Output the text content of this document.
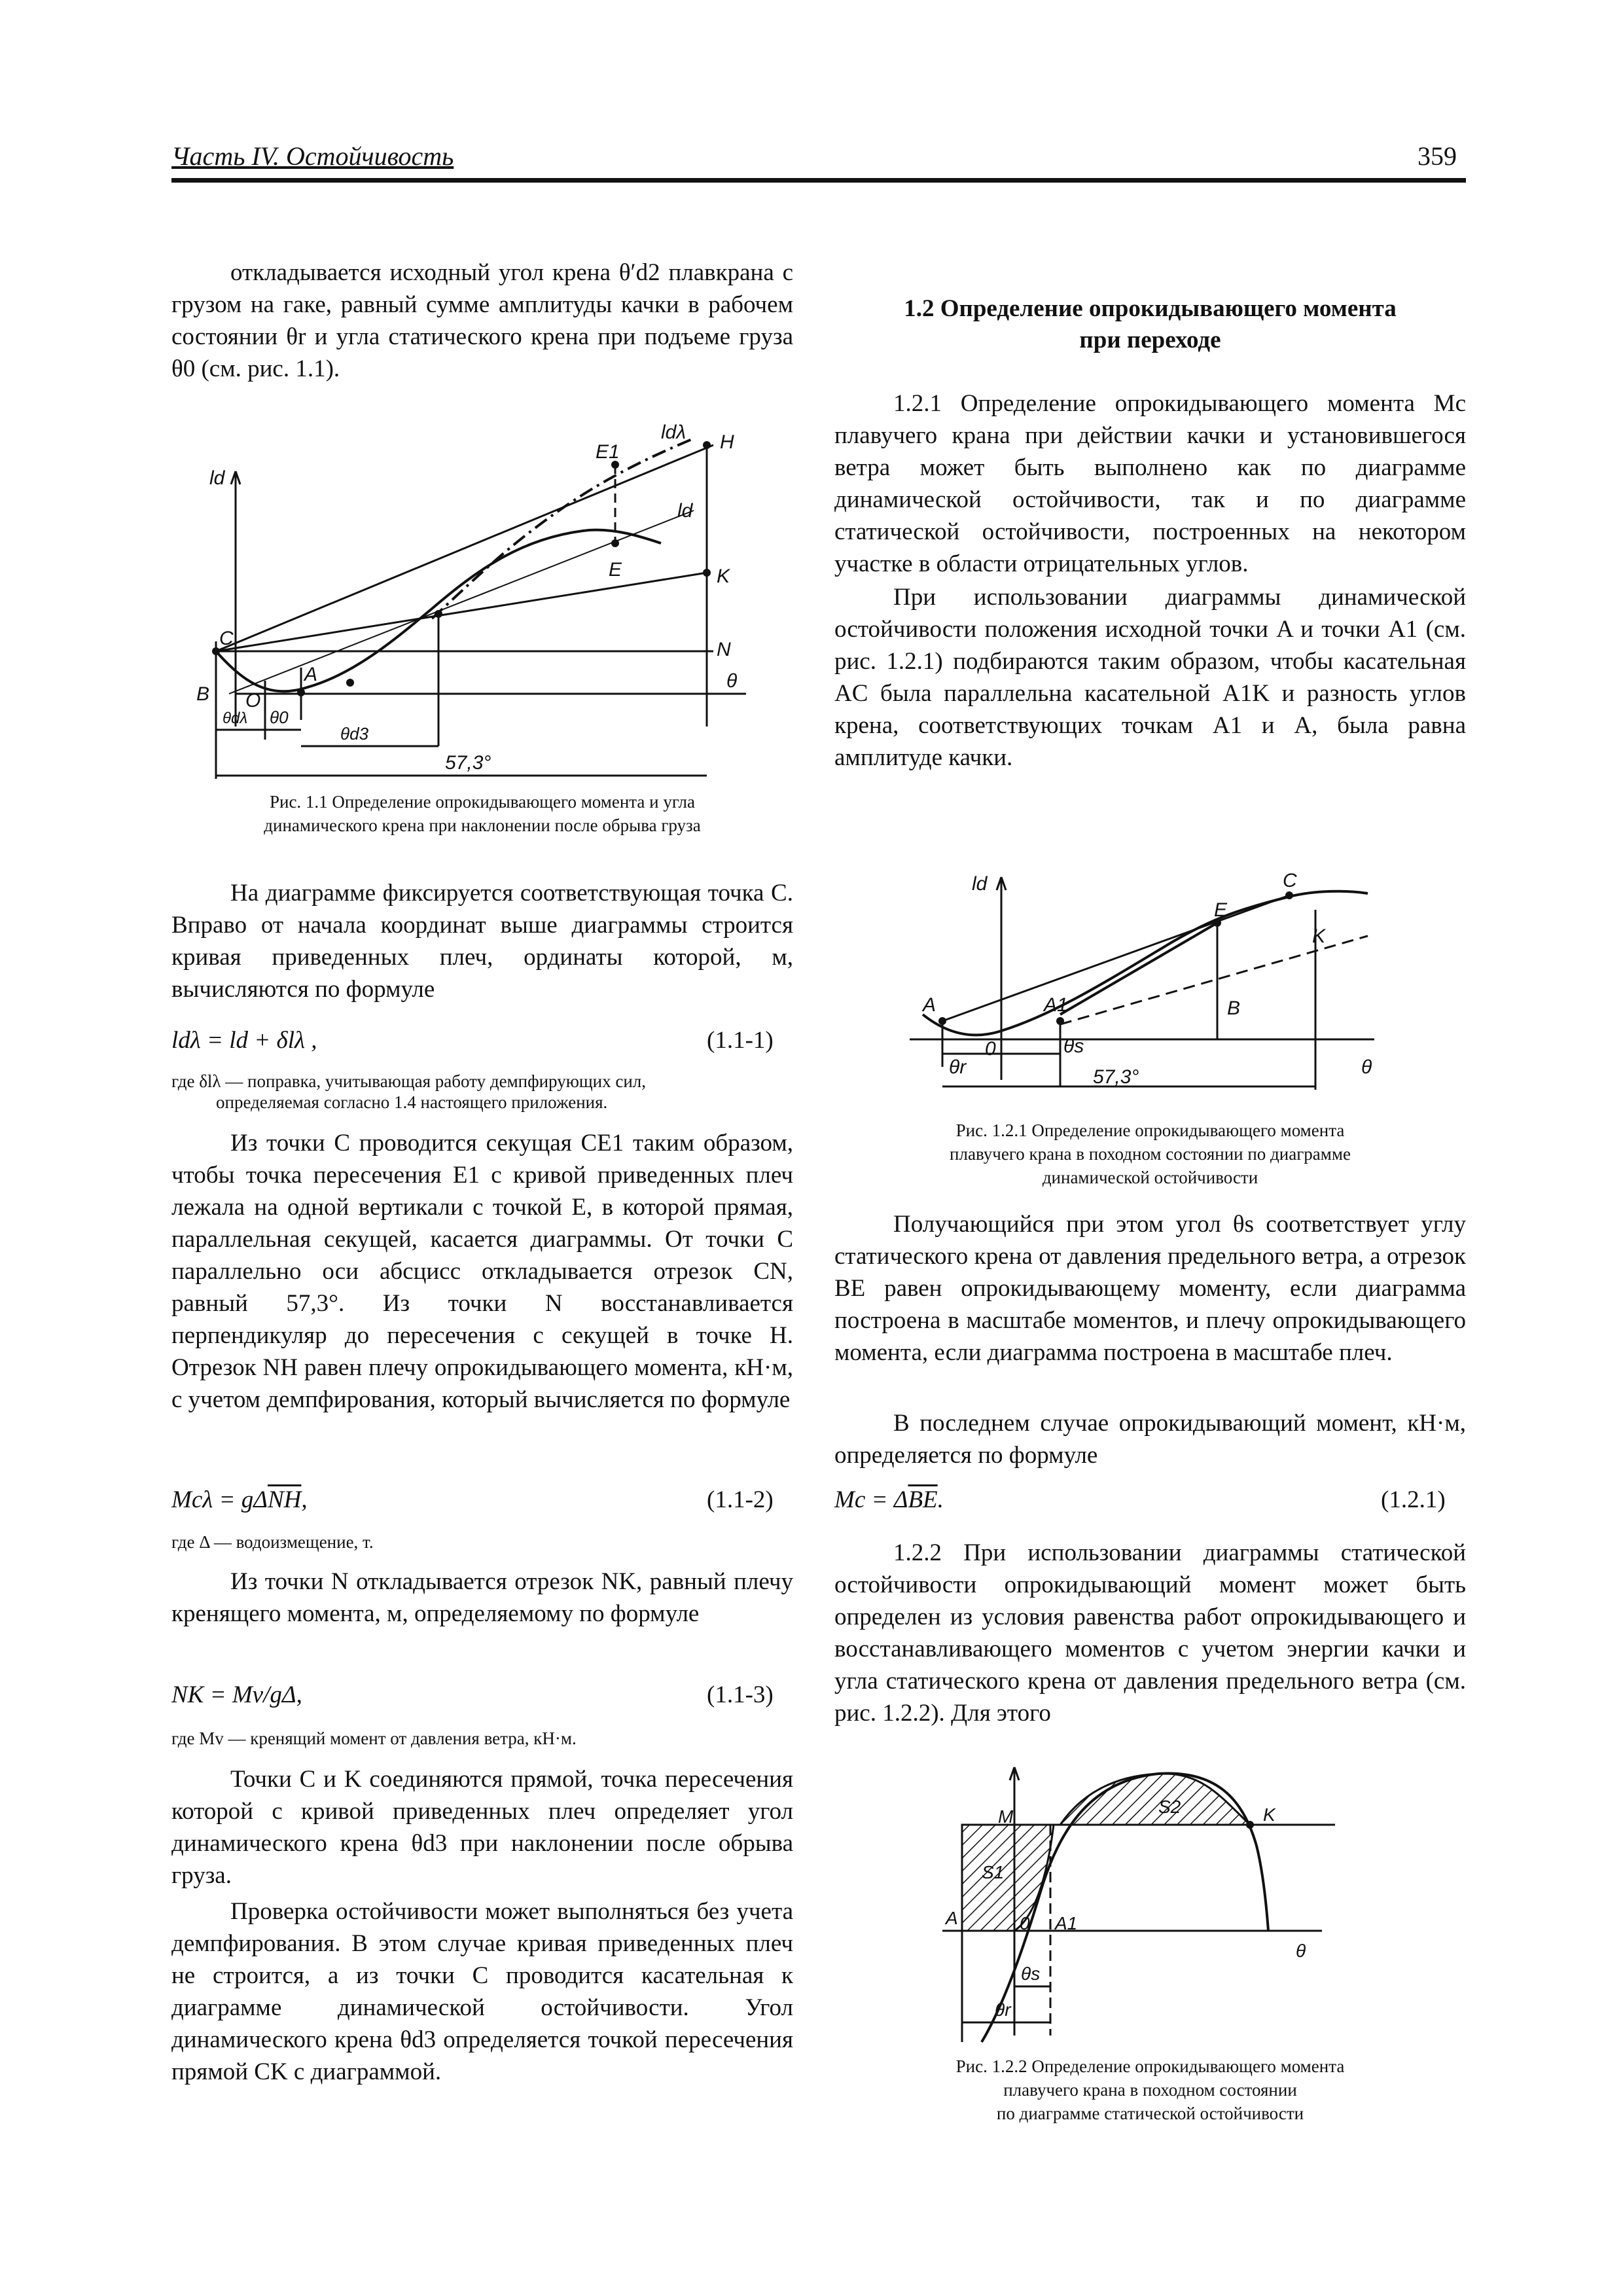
Часть IV. Остойчивость	359

откладывается исходный угол крена θ′d2 плавкрана с грузом на гаке, равный сумме амплитуды качки в рабочем состоянии θr и угла статического крена при подъеме груза θ0 (см. рис. 1.1).

ld
ldλ H
E1
ld
E	K
C
N
θ
B O
A
θdλ θ0
θd3
57,3°

Рис. 1.1 Определение опрокидывающего момента и угла

динамического крена при наклонении после обрыва груза

На диаграмме фиксируется соответствующая точка C. Вправо от начала координат выше диаграммы строится кривая приведенных плеч, ординаты которой, м, вычисляются по формуле

ldλ = ld + δlλ ,	(1.1-1)

где δlλ — поправка, учитывающая работу демпфирующих сил,

определяемая согласно 1.4 настоящего приложения.

Из точки C проводится секущая CE1 таким образом, чтобы точка пересечения E1 с кривой приведенных плеч лежала на одной вертикали с точкой E, в которой прямая, параллельная секущей, касается диаграммы. От точки C параллельно оси абсцисс откладывается отрезок CN, равный 57,3°. Из точки N восстанавливается перпендикуляр до пересечения с секущей в точке H. Отрезок NH равен плечу опрокидывающего момента, кН·м, с учетом демпфирования, который вычисляется по формуле

$Mc\lambda = g\Delta\overline{NH}$,	(1.1-2)

где Δ — водоизмещение, т.

Из точки N откладывается отрезок NK, равный плечу кренящего момента, м, определяемому по формуле

NK = Mv/gΔ,	(1.1-3)

где Mv — кренящий момент от давления ветра, кН·м.

Точки C и K соединяются прямой, точка пересечения которой с кривой приведенных плеч определяет угол динамического крена θd3 при наклонении после обрыва груза.

Проверка остойчивости может выполняться без учета демпфирования. В этом случае кривая приведенных плеч не строится, а из точки C проводится касательная к диаграмме динамической остойчивости. Угол динамического крена θd3 определяется точкой пересечения прямой CK с диаграммой.

1.2 Определение опрокидывающего момента

при переходе

1.2.1 Определение опрокидывающего момента Mc плавучего крана при действии качки и установившегося ветра может быть выполнено как по диаграмме динамической остойчивости, так и по диаграмме статической остойчивости, построенных на некотором участке в области отрицательных углов.

При использовании диаграммы динамической остойчивости положения исходной точки A и точки A1 (см. рис. 1.2.1) подбираются таким образом, чтобы касательная AC была параллельна касательной A1K и разность углов крена, соответствующих точкам A1 и A, была равна амплитуде качки.

ld
E
C
K
A	A1	B
θr
0	θs
57,3°	θ

Рис. 1.2.1 Определение опрокидывающего момента

плавучего крана в походном состоянии по диаграмме

динамической остойчивости

Получающийся при этом угол θs соответствует углу статического крена от давления предельного ветра, а отрезок BE равен опрокидывающему моменту, если диаграмма построена в масштабе моментов, и плечу опрокидывающего момента, если диаграмма построена в масштабе плеч.

В последнем случае опрокидывающий момент, кН·м, определяется по формуле

$Mc = \Delta\overline{BE}$.	(1.2.1)

1.2.2 При использовании диаграммы статической остойчивости опрокидывающий момент может быть определен из условия равенства работ опрокидывающего и восстанавливающего моментов с учетом энергии качки и угла статического крена от давления предельного ветра (см. рис. 1.2.2). Для этого

M	S2	K
S1
A	0 A1
θ
θs
θr

Рис. 1.2.2 Определение опрокидывающего момента

плавучего крана в походном состоянии

по диаграмме статической остойчивости
